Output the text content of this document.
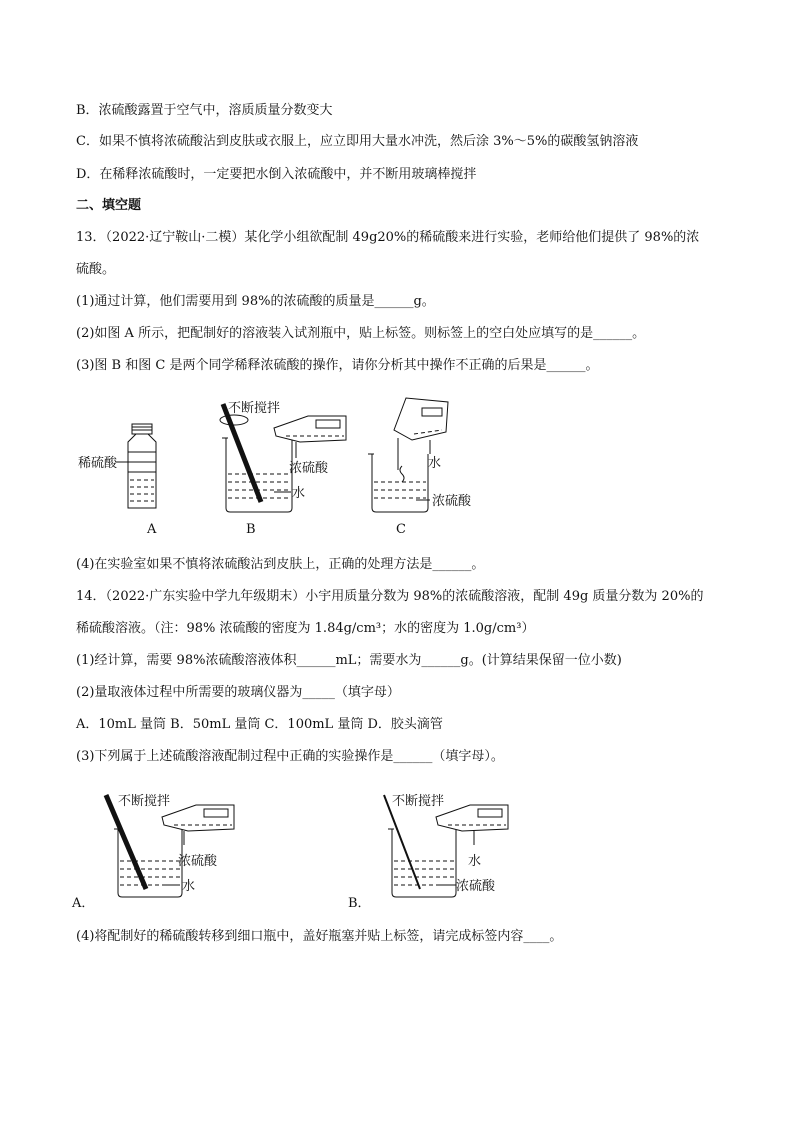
B．浓硫酸露置于空气中，溶质质量分数变大
C．如果不慎将浓硫酸沾到皮肤或衣服上，应立即用大量水冲洗，然后涂 3%～5%的碳酸氢钠溶液
D．在稀释浓硫酸时，一定要把水倒入浓硫酸中，并不断用玻璃棒搅拌
二、填空题
13．（2022·辽宁鞍山·二模）某化学小组欲配制 49g20%的稀硫酸来进行实验，老师给他们提供了 98%的浓
硫酸。
(1)通过计算，他们需要用到 98%的浓硫酸的质量是______g。
(2)如图 A 所示，把配制好的溶液装入试剂瓶中，贴上标签。则标签上的空白处应填写的是______。
(3)图 B 和图 C 是两个同学稀释浓硫酸的操作，请你分析其中操作不正确的后果是______。
稀硫酸
A
不断搅拌
浓硫酸
水
B
水
浓硫酸
C
(4)在实验室如果不慎将浓硫酸沾到皮肤上，正确的处理方法是______。
14．（2022·广东实验中学九年级期末）小宇用质量分数为 98%的浓硫酸溶液，配制 49g 质量分数为 20%的
稀硫酸溶液。（注：98% 浓硫酸的密度为 1.84g/cm³；水的密度为 1.0g/cm³）
(1)经计算，需要 98%浓硫酸溶液体积______mL；需要水为______g。(计算结果保留一位小数)
(2)量取液体过程中所需要的玻璃仪器为_____（填字母）
A．10mL 量筒 B．50mL 量筒 C．100mL 量筒 D．胶头滴管
(3)下列属于上述硫酸溶液配制过程中正确的实验操作是______（填字母）。
不断搅拌
浓硫酸
水
A．
不断搅拌
水
浓硫酸
B．
(4)将配制好的稀硫酸转移到细口瓶中，盖好瓶塞并贴上标签，请完成标签内容____。
